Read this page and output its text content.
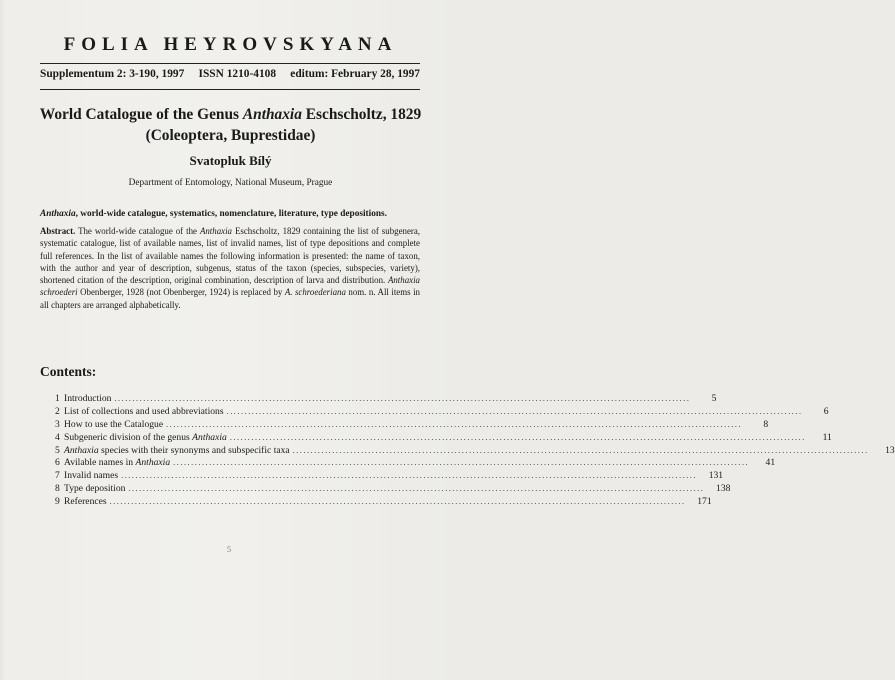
FOLIA HEYROVSKYANA
Supplementum 2: 3-190, 1997 ISSN 1210-4108 editum: February 28, 1997
World Catalogue of the Genus Anthaxia Eschscholtz, 1829
(Coleoptera, Buprestidae)
Svatopluk Bílý
Department of Entomology, National Museum, Prague
Anthaxia, world-wide catalogue, systematics, nomenclature, literature, type depositions.
Abstract. The world-wide catalogue of the Anthaxia Eschscholtz, 1829 containing the list of subgenera, systematic catalogue, list of available names, list of invalid names, list of type depositions and complete full references. In the list of available names the following information is presented: the name of taxon, with the author and year of description, subgenus, status of the taxon (species, subspecies, variety), shortened citation of the description, original combination, description of larva and distribution. Anthaxia schroederi Obenberger, 1928 (not Obenberger, 1924) is replaced by A. schroederiana nom. n. All items in all chapters are arranged alphabetically.
Contents:
1 Introduction ................................................................................................................................................................	5
2 List of collections and used abbreviations ................................................................................................................................................................	6
3 How to use the Catalogue ................................................................................................................................................................	8
4 Subgeneric division of the genus Anthaxia ................................................................................................................................................................	11
5 Anthaxia species with their synonyms and subspecific taxa ................................................................................................................................................................	13
6 Avilable names in Anthaxia ................................................................................................................................................................	41
7 Invalid names ................................................................................................................................................................	131
8 Type deposition ................................................................................................................................................................	138
9 References ................................................................................................................................................................	171
5
